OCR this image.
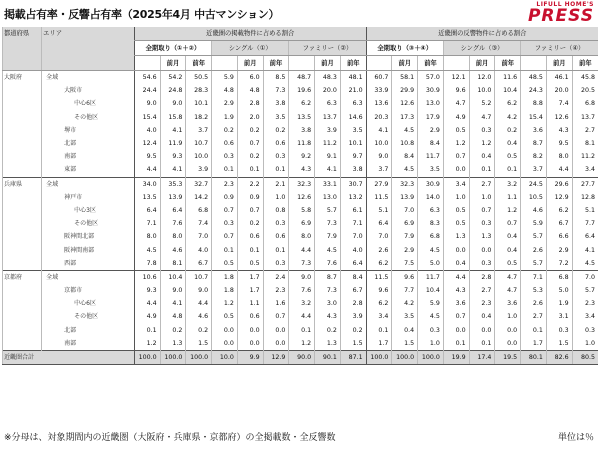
掲載占有率・反響占有率（2025年4月 中古マンション）
LIFULL HOME'S
PRESS
都道府県	エリア	近畿圏の掲載物件に占める割合									近畿圏の反響物件に占める割合								
		全期取り（①＋②）			シングル（①）			ファミリー（②）			全期取り（③＋④）			シングル（③）			ファミリー（④）		
			前月	前年		前月	前年		前月	前年		前月	前年		前月	前年		前月	前年
大阪府	全域	54.6	54.2	50.5	5.9	6.0	8.5	48.7	48.3	48.1	60.7	58.1	57.0	12.1	12.0	11.6	48.5	46.1	45.8
	大阪市	24.4	24.8	28.3	4.8	4.8	7.3	19.6	20.0	21.0	33.9	29.9	30.9	9.6	10.0	10.4	24.3	20.0	20.5
	中心6区	9.0	9.0	10.1	2.9	2.8	3.8	6.2	6.3	6.3	13.6	12.6	13.0	4.7	5.2	6.2	8.8	7.4	6.8
	その他区	15.4	15.8	18.2	1.9	2.0	3.5	13.5	13.7	14.6	20.3	17.3	17.9	4.9	4.7	4.2	15.4	12.6	13.7
	堺市	4.0	4.1	3.7	0.2	0.2	0.2	3.8	3.9	3.5	4.1	4.5	2.9	0.5	0.3	0.2	3.6	4.3	2.7
	北部	12.4	11.9	10.7	0.6	0.7	0.6	11.8	11.2	10.1	10.0	10.8	8.4	1.2	1.2	0.4	8.7	9.5	8.1
	南部	9.5	9.3	10.0	0.3	0.2	0.3	9.2	9.1	9.7	9.0	8.4	11.7	0.7	0.4	0.5	8.2	8.0	11.2
	東部	4.4	4.1	3.9	0.1	0.1	0.1	4.3	4.1	3.8	3.7	4.5	3.5	0.0	0.1	0.1	3.7	4.4	3.4
兵庫県	全域	34.0	35.3	32.7	2.3	2.2	2.1	32.3	33.1	30.7	27.9	32.3	30.9	3.4	2.7	3.2	24.5	29.6	27.7
	神戸市	13.5	13.9	14.2	0.9	0.9	1.0	12.6	13.0	13.2	11.5	13.9	14.0	1.0	1.0	1.1	10.5	12.9	12.8
	中心3区	6.4	6.4	6.8	0.7	0.7	0.8	5.8	5.7	6.1	5.1	7.0	6.3	0.5	0.7	1.2	4.6	6.2	5.1
	その他区	7.1	7.6	7.4	0.3	0.2	0.3	6.9	7.3	7.1	6.4	6.9	8.3	0.5	0.3	0.7	5.9	6.7	7.7
	阪神間北部	8.0	8.0	7.0	0.7	0.6	0.6	8.0	7.9	7.0	7.0	7.9	6.8	1.3	1.3	0.4	5.7	6.6	6.4
	阪神間南部	4.5	4.6	4.0	0.1	0.1	0.1	4.4	4.5	4.0	2.6	2.9	4.5	0.0	0.0	0.4	2.6	2.9	4.1
	西部	7.8	8.1	6.7	0.5	0.5	0.3	7.3	7.6	6.4	6.2	7.5	5.0	0.4	0.3	0.5	5.7	7.2	4.5
京都府	全域	10.6	10.4	10.7	1.8	1.7	2.4	9.0	8.7	8.4	11.5	9.6	11.7	4.4	2.8	4.7	7.1	6.8	7.0
	京都市	9.3	9.0	9.0	1.8	1.7	2.3	7.6	7.3	6.7	9.6	7.7	10.4	4.3	2.7	4.7	5.3	5.0	5.7
	中心6区	4.4	4.1	4.4	1.2	1.1	1.6	3.2	3.0	2.8	6.2	4.2	5.9	3.6	2.3	3.6	2.6	1.9	2.3
	その他区	4.9	4.8	4.6	0.5	0.6	0.7	4.4	4.3	3.9	3.4	3.5	4.5	0.7	0.4	1.0	2.7	3.1	3.4
	北部	0.1	0.2	0.2	0.0	0.0	0.0	0.1	0.2	0.2	0.1	0.4	0.3	0.0	0.0	0.0	0.1	0.3	0.3
	南部	1.2	1.3	1.5	0.0	0.0	0.0	1.2	1.3	1.5	1.7	1.5	1.0	0.1	0.1	0.0	1.7	1.5	1.0
近畿圏合計		100.0	100.0	100.0	10.0	9.9	12.9	90.0	90.1	87.1	100.0	100.0	100.0	19.9	17.4	19.5	80.1	82.6	80.5
※分母は、対象期間内の近畿圏（大阪府・兵庫県・京都府）の全掲載数・全反響数	単位は％
